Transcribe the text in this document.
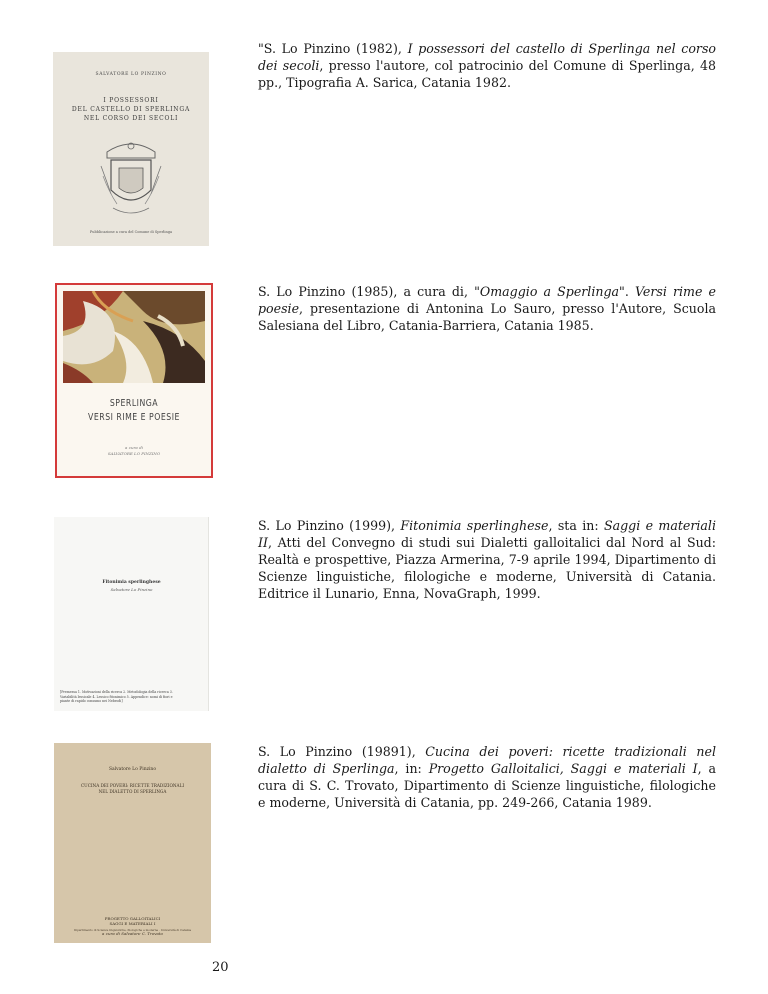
SALVATORE LO PINZINO
I POSSESSORI
DEL CASTELLO DI SPERLINGA
NEL CORSO DEI SECOLI
Pubblicazione a cura del Comune di Sperlinga
"S. Lo Pinzino (1982), I possessori del castello di Sperlinga nel corso dei secoli, presso l'autore, col patrocinio del Comune di Sperlinga, 48 pp., Tipografia A. Sarica, Catania 1982.
SPERLINGA
VERSI RIME E POESIE
a cura di
SALVATORE LO PINZINO
S. Lo Pinzino (1985), a cura di, "Omaggio a Sperlinga". Versi rime e poesie, presentazione di Antonina Lo Sauro, presso l'Autore, Scuola Salesiana del Libro, Catania-Barriera, Catania 1985.
Fitonimia sperlinghese
Salvatore Lo Pinzino
[Premessa 1. Motivazioni della ricerca 2. Metodologia della ricerca 3. Variabilità lessicale 4. Lessico fitonimico 5. Appendice: nomi di fiori e piante di rapido consumo nei Nebrodi]
S. Lo Pinzino (1999), Fitonimia sperlinghese, sta in: Saggi e materiali II, Atti del Convegno di studi sui Dialetti galloitalici dal Nord al Sud: Realtà e prospettive, Piazza Armerina, 7-9 aprile 1994, Dipartimento di Scienze linguistiche, filologiche e moderne, Università di Catania. Editrice il Lunario, Enna, NovaGraph, 1999.
Salvatore Lo Pinzino
CUCINA DEI POVERI: RICETTE TRADIZIONALI
NEL DIALETTO DI SPERLINGA

PROGETTO GALLOITALICI
SAGGI E MATERIALI I

a cura di Salvatore C. Trovato

Dipartimento di Scienze linguistiche, filologiche e moderne · Università di Catania
S. Lo Pinzino (19891), Cucina dei poveri: ricette tradizionali nel dialetto di Sperlinga, in: Progetto Galloitalici, Saggi e materiali I, a cura di S. C. Trovato, Dipartimento di Scienze linguistiche, filologiche e moderne, Università di Catania, pp. 249-266, Catania 1989.
20
